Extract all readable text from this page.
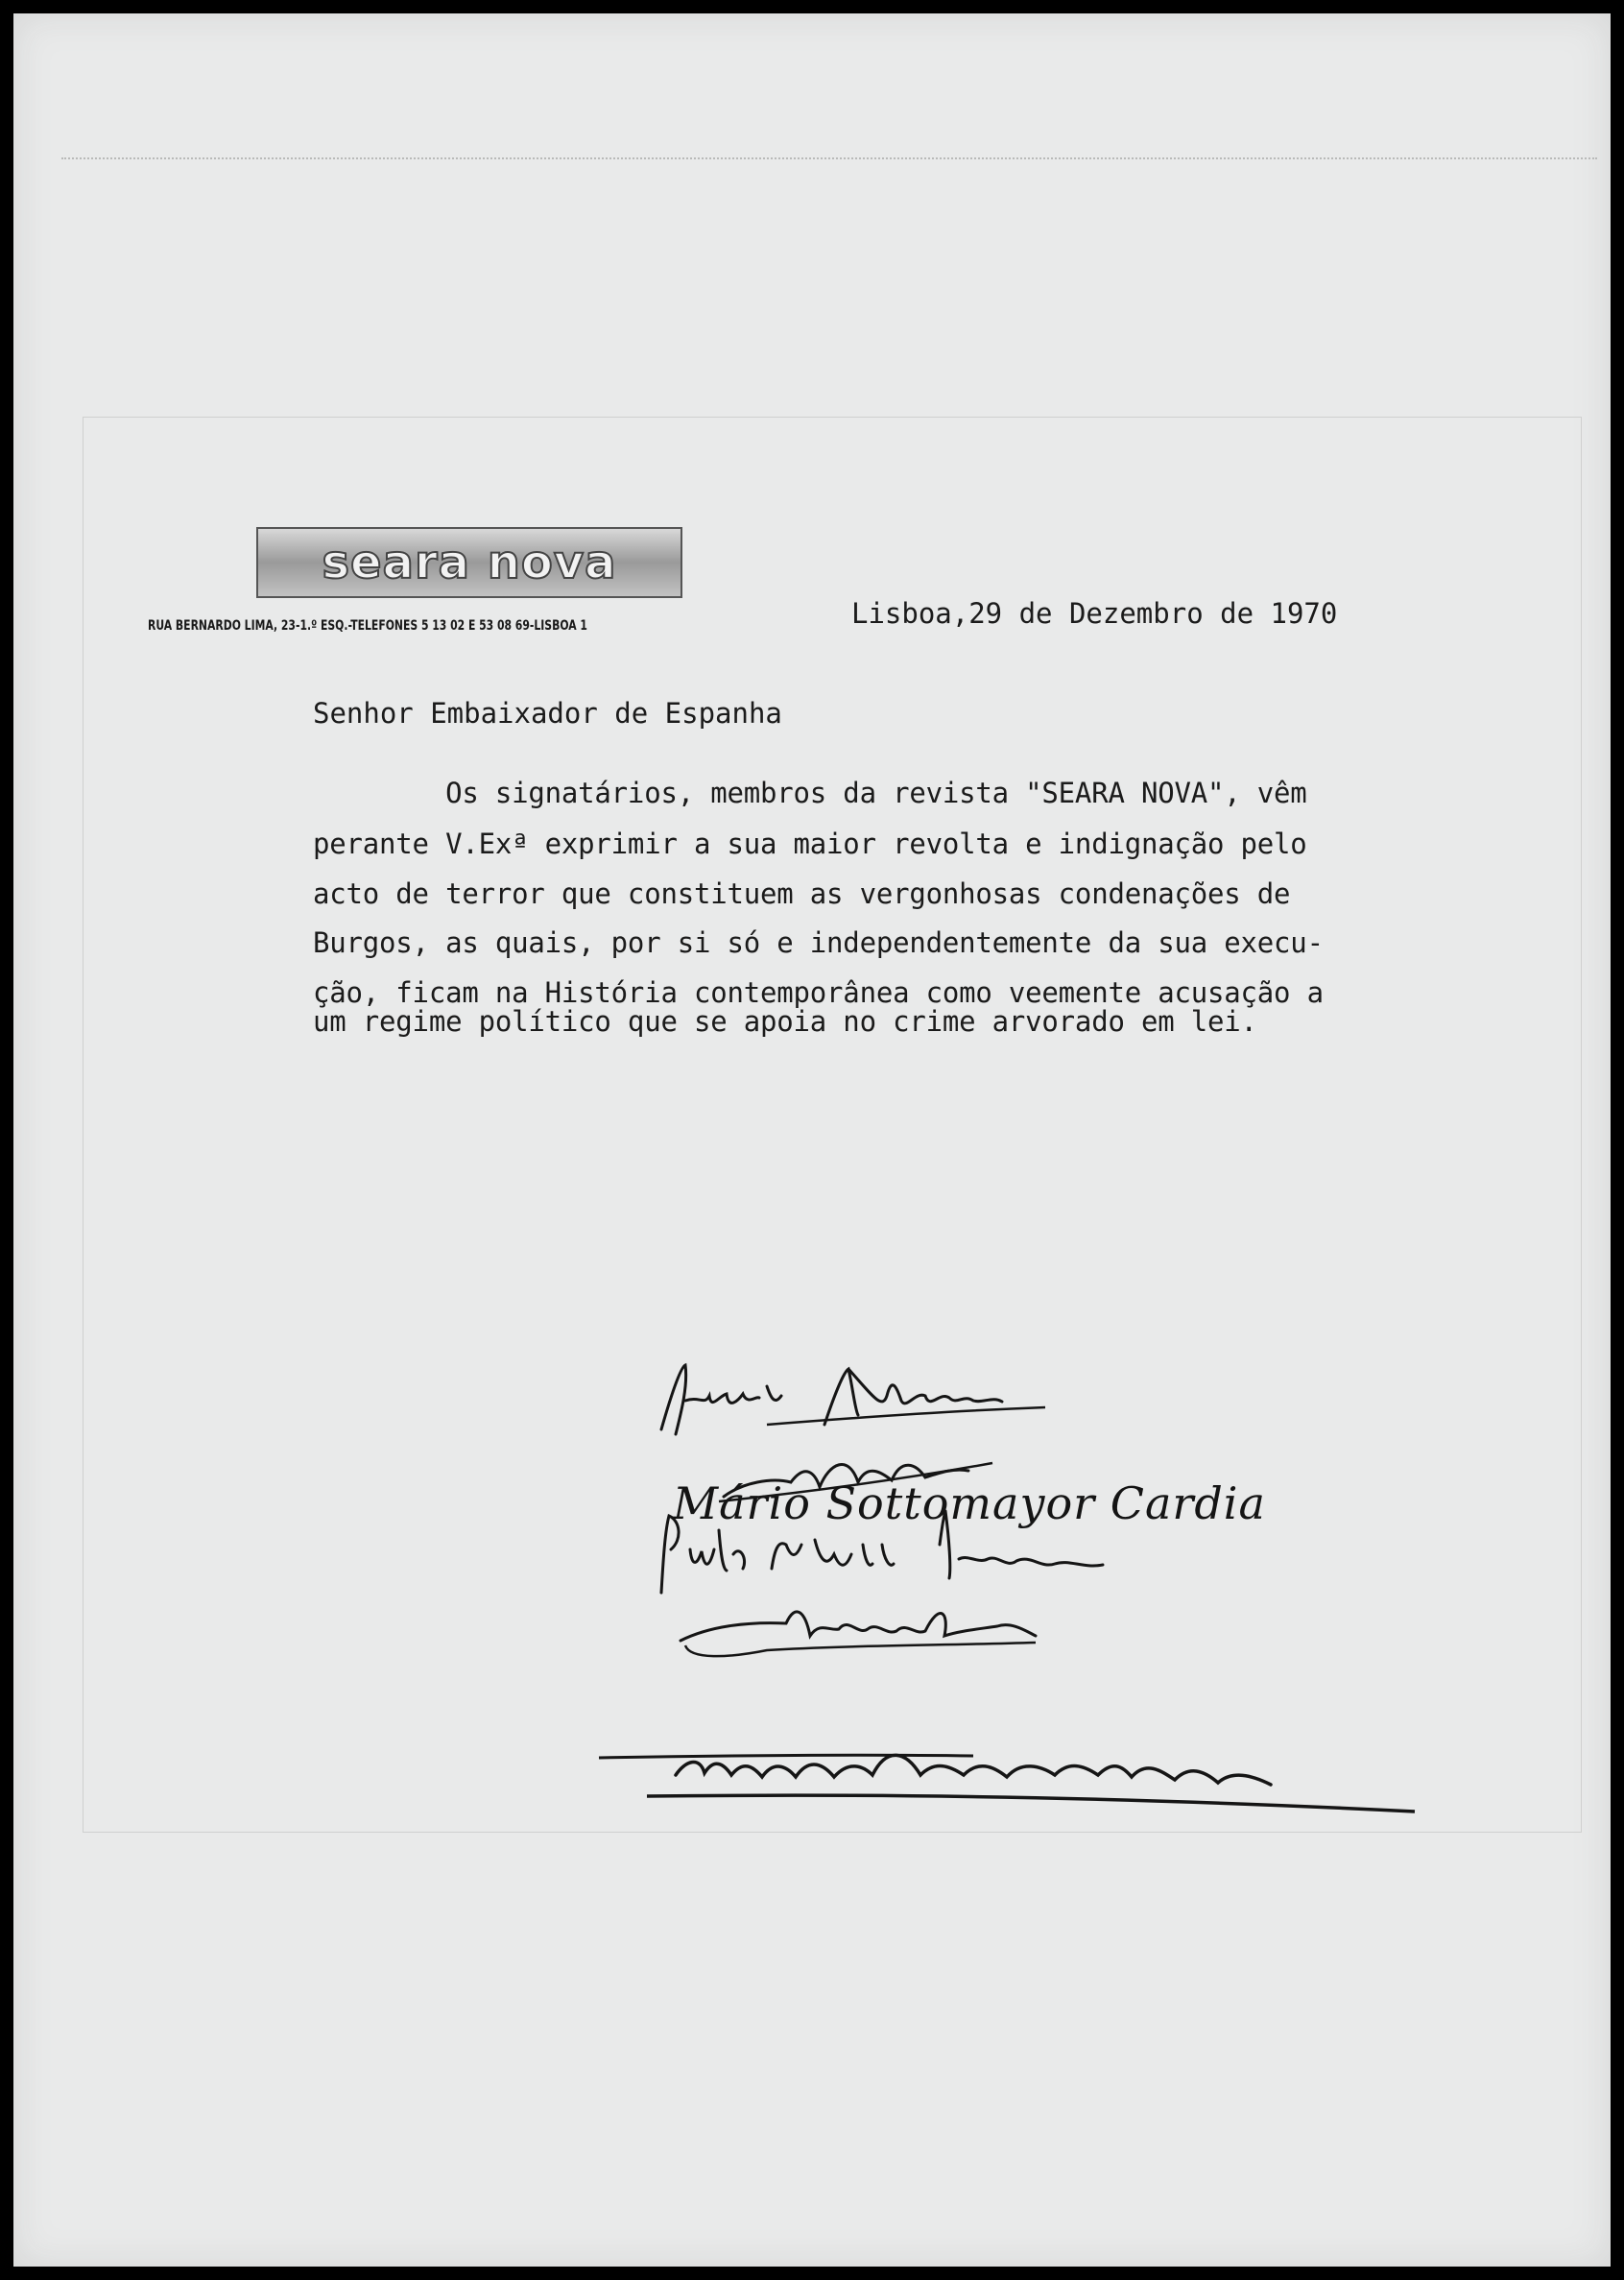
seara nova
RUA BERNARDO LIMA, 23-1.º ESQ.-TELEFONES 5 13 02 E 53 08 69-LISBOA 1	Lisboa,29 de Dezembro de 1970
Senhor Embaixador de Espanha
Os signatários, membros da revista "SEARA NOVA", vêm
perante V.Exª exprimir a sua maior revolta e indignação pelo
acto de terror que constituem as vergonhosas condenações de
Burgos, as quais, por si só e independentemente da sua execu-
ção, ficam na História contemporânea como veemente acusação a
um regime político que se apoia no crime arvorado em lei.
Mário Sottomayor Cardia
